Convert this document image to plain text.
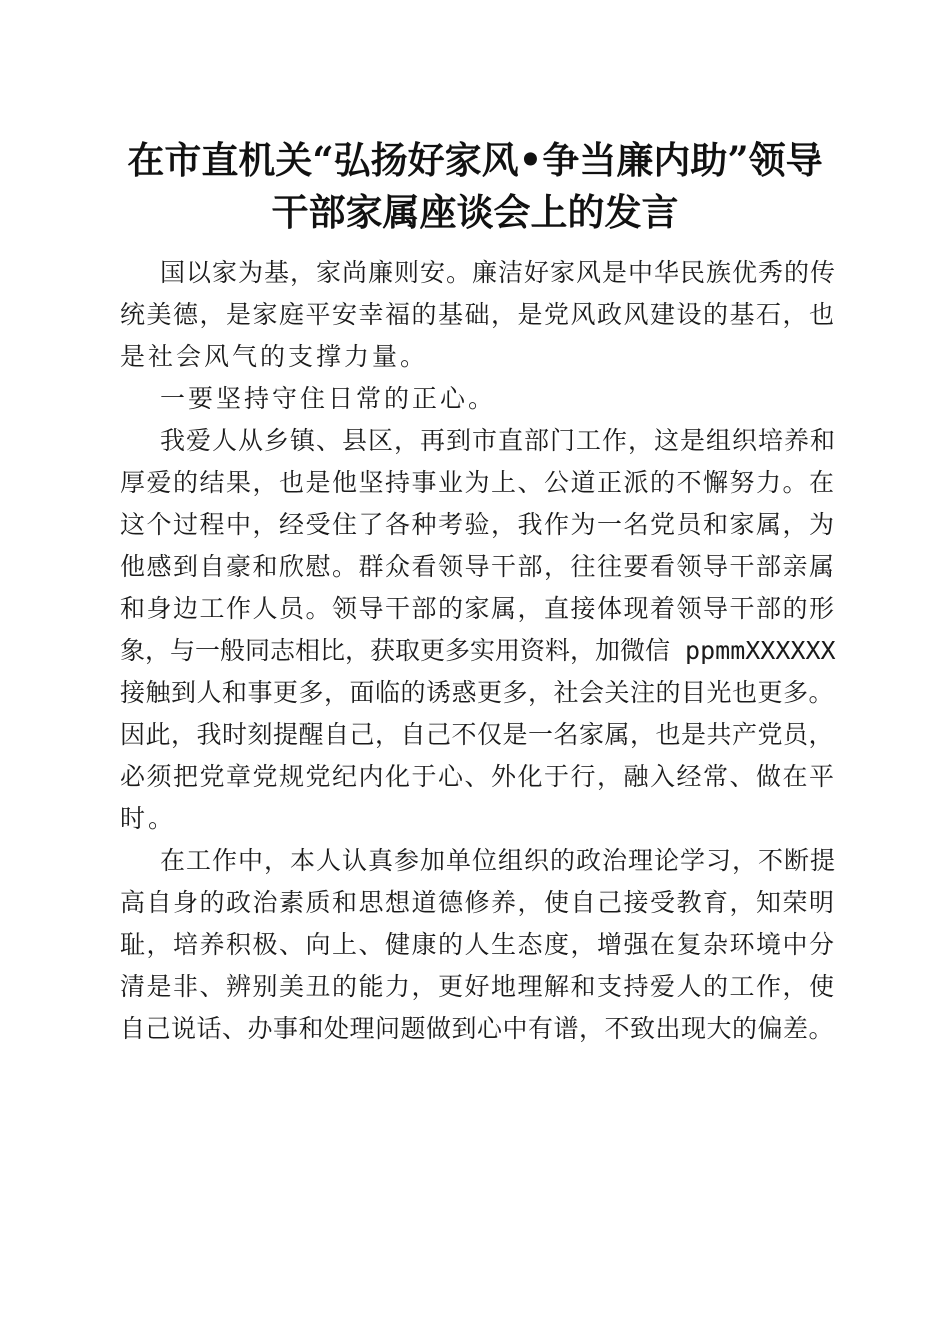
在市直机关“弘扬好家风•争当廉内助”领导
干部家属座谈会上的发言
国以家为基，家尚廉则安。廉洁好家风是中华民族优秀的传
统美德，是家庭平安幸福的基础，是党风政风建设的基石，也
是社会风气的支撑力量。
一要坚持守住日常的正心。
我爱人从乡镇、县区，再到市直部门工作，这是组织培养和
厚爱的结果，也是他坚持事业为上、公道正派的不懈努力。在
这个过程中，经受住了各种考验，我作为一名党员和家属，为
他感到自豪和欣慰。群众看领导干部，往往要看领导干部亲属
和身边工作人员。领导干部的家属，直接体现着领导干部的形
象，与一般同志相比，获取更多实用资料，加微信 ppmmXXXXXX
接触到人和事更多，面临的诱惑更多，社会关注的目光也更多。
因此，我时刻提醒自己，自己不仅是一名家属，也是共产党员，
必须把党章党规党纪内化于心、外化于行，融入经常、做在平
时。
在工作中，本人认真参加单位组织的政治理论学习，不断提
高自身的政治素质和思想道德修养，使自己接受教育，知荣明
耻，培养积极、向上、健康的人生态度，增强在复杂环境中分
清是非、辨别美丑的能力，更好地理解和支持爱人的工作，使
自己说话、办事和处理问题做到心中有谱，不致出现大的偏差。
